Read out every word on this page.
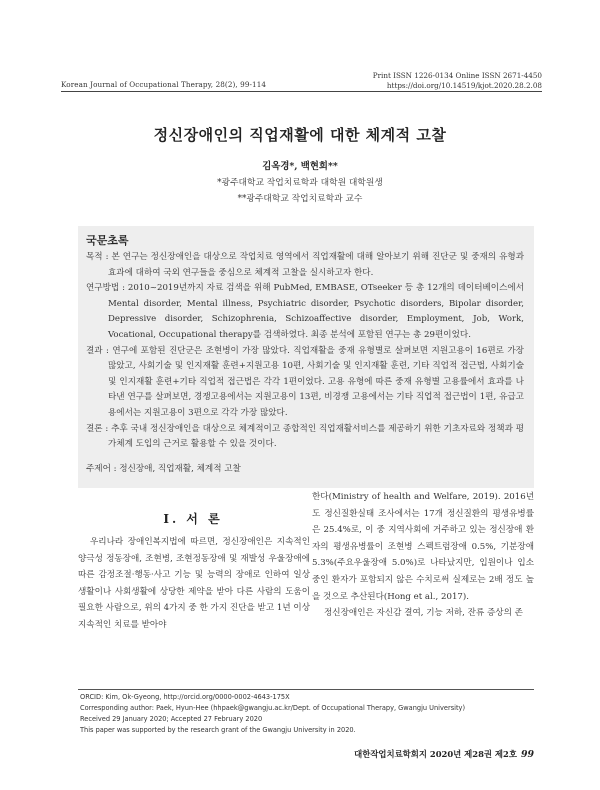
Korean Journal of Occupational Therapy, 28(2), 99-114
Print ISSN 1226-0134 Online ISSN 2671-4450
https://doi.org/10.14519/kjot.2020.28.2.08
정신장애인의 직업재활에 대한 체계적 고찰
김옥경*, 백현희**
*광주대학교 작업치료학과 대학원 대학원생
**광주대학교 작업치료학과 교수
국문초록

목적 : 본 연구는 정신장애인을 대상으로 작업치료 영역에서 직업재활에 대해 알아보기 위해 진단군 및 중재의 유형과 효과에 대하여 국외 연구들을 중심으로 체계적 고찰을 실시하고자 한다.

연구방법 : 2010~2019년까지 자료 검색을 위해 PubMed, EMBASE, OTseeker 등 총 12개의 데이터베이스에서 Mental disorder, Mental illness, Psychiatric disorder, Psychotic disorders, Bipolar disorder, Depressive disorder, Schizophrenia, Schizoaffective disorder, Employment, Job, Work, Vocational, Occupational therapy를 검색하였다. 최종 분석에 포함된 연구는 총 29편이었다.

결과 : 연구에 포함된 진단군은 조현병이 가장 많았다. 직업재활을 중재 유형별로 살펴보면 지원고용이 16편로 가장 많았고, 사회기술 및 인지재활 훈련+지원고용 10편, 사회기술 및 인지재활 훈련, 기타 직업적 접근법, 사회기술 및 인지재활 훈련+기타 직업적 접근법은 각각 1편이었다. 고용 유형에 따른 중재 유형별 고용률에서 효과를 나타낸 연구를 살펴보면, 경쟁고용에서는 지원고용이 13편, 비경쟁 고용에서는 기타 직업적 접근법이 1편, 유급고용에서는 지원고용이 3편으로 각각 가장 많았다.

결론 : 추후 국내 정신장애인을 대상으로 체계적이고 종합적인 직업재활서비스를 제공하기 위한 기초자료와 정책과 평가체계 도입의 근거로 활용할 수 있을 것이다.

주제어 : 정신장애, 직업재활, 체계적 고찰
Ⅰ. 서 론

우리나라 장애인복지법에 따르면, 정신장애인은 지속적인 양극성 정동장애, 조현병, 조현정동장애 및 재발성 우울장애에 따른 감정조절·행동·사고 기능 및 능력의 장애로 인하여 일상생활이나 사회생활에 상당한 제약을 받아 다른 사람의 도움이 필요한 사람으로, 위의 4가지 중 한 가지 진단을 받고 1년 이상 지속적인 치료를 받아야

한다(Ministry of health and Welfare, 2019). 2016년도 정신질환실태 조사에서는 17개 정신질환의 평생유병률은 25.4%로, 이 중 지역사회에 거주하고 있는 정신장애 환자의 평생유병률이 조현병 스펙트럼장애 0.5%, 기분장애 5.3%(주요우울장애 5.0%)로 나타났지만, 입원이나 입소 중인 환자가 포함되지 않은 수치로써 실제로는 2배 정도 높을 것으로 추산된다(Hong et al., 2017).

정신장애인은 자신감 결여, 기능 저하, 잔류 증상의 존

ORCID: Kim, Ok-Gyeong, http://orcid.org/0000-0002-4643-175X

Corresponding author: Paek, Hyun-Hee (hhpaek@gwangju.ac.kr/Dept. of Occupational Therapy, Gwangju University)

Received 29 January 2020; Accepted 27 February 2020

This paper was supported by the research grant of the Gwangju University in 2020.

대한작업치료학회지 2020년 제28권 제2호 99
